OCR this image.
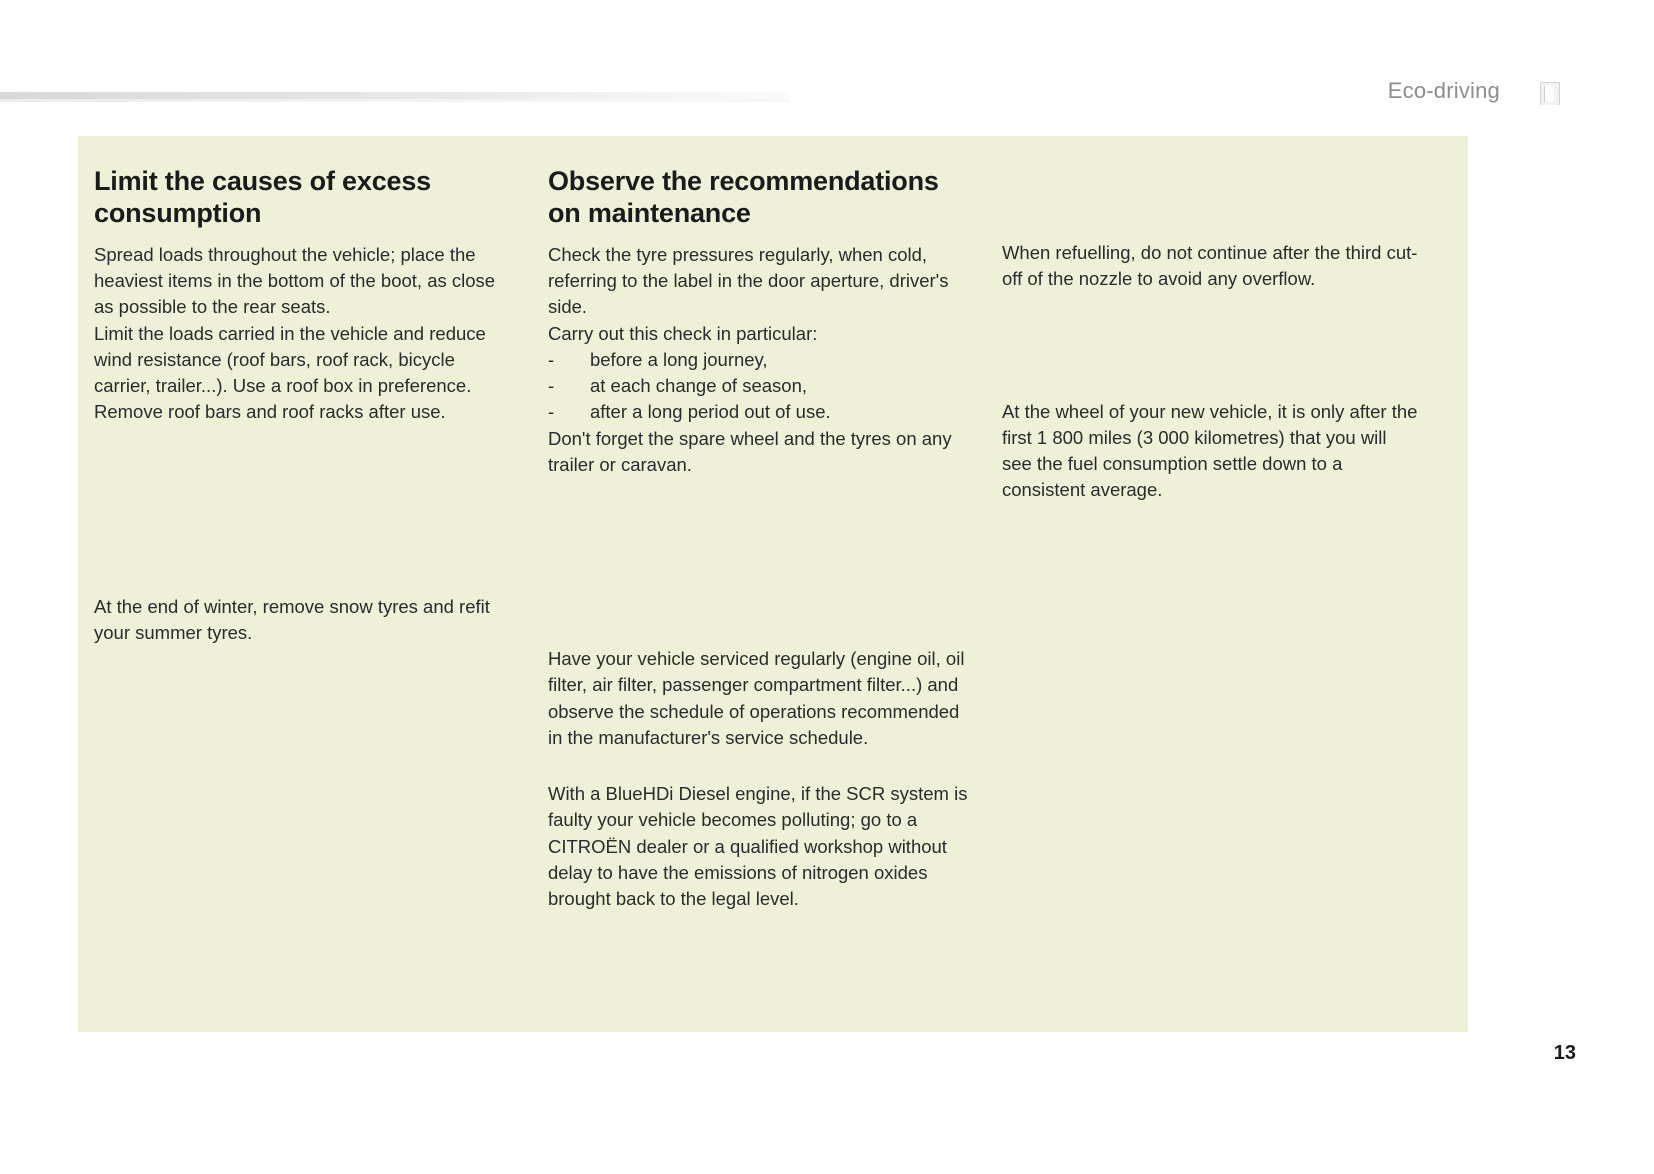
Eco-driving
Limit the causes of excess consumption

Spread loads throughout the vehicle; place the heaviest items in the bottom of the boot, as close as possible to the rear seats.

Limit the loads carried in the vehicle and reduce wind resistance (roof bars, roof rack, bicycle carrier, trailer...). Use a roof box in preference. Remove roof bars and roof racks after use.

At the end of winter, remove snow tyres and refit your summer tyres.

Observe the recommendations on maintenance

Check the tyre pressures regularly, when cold, referring to the label in the door aperture, driver's side.

Carry out this check in particular:

- before a long journey,
- at each change of season,
- after a long period out of use.

Don't forget the spare wheel and the tyres on any trailer or caravan.

Have your vehicle serviced regularly (engine oil, oil filter, air filter, passenger compartment filter...) and observe the schedule of operations recommended in the manufacturer's service schedule.

With a BlueHDi Diesel engine, if the SCR system is faulty your vehicle becomes polluting; go to a CITROËN dealer or a qualified workshop without delay to have the emissions of nitrogen oxides brought back to the legal level.

When refuelling, do not continue after the third cut-off of the nozzle to avoid any overflow.

At the wheel of your new vehicle, it is only after the first 1 800 miles (3 000 kilometres) that you will see the fuel consumption settle down to a consistent average.

13
